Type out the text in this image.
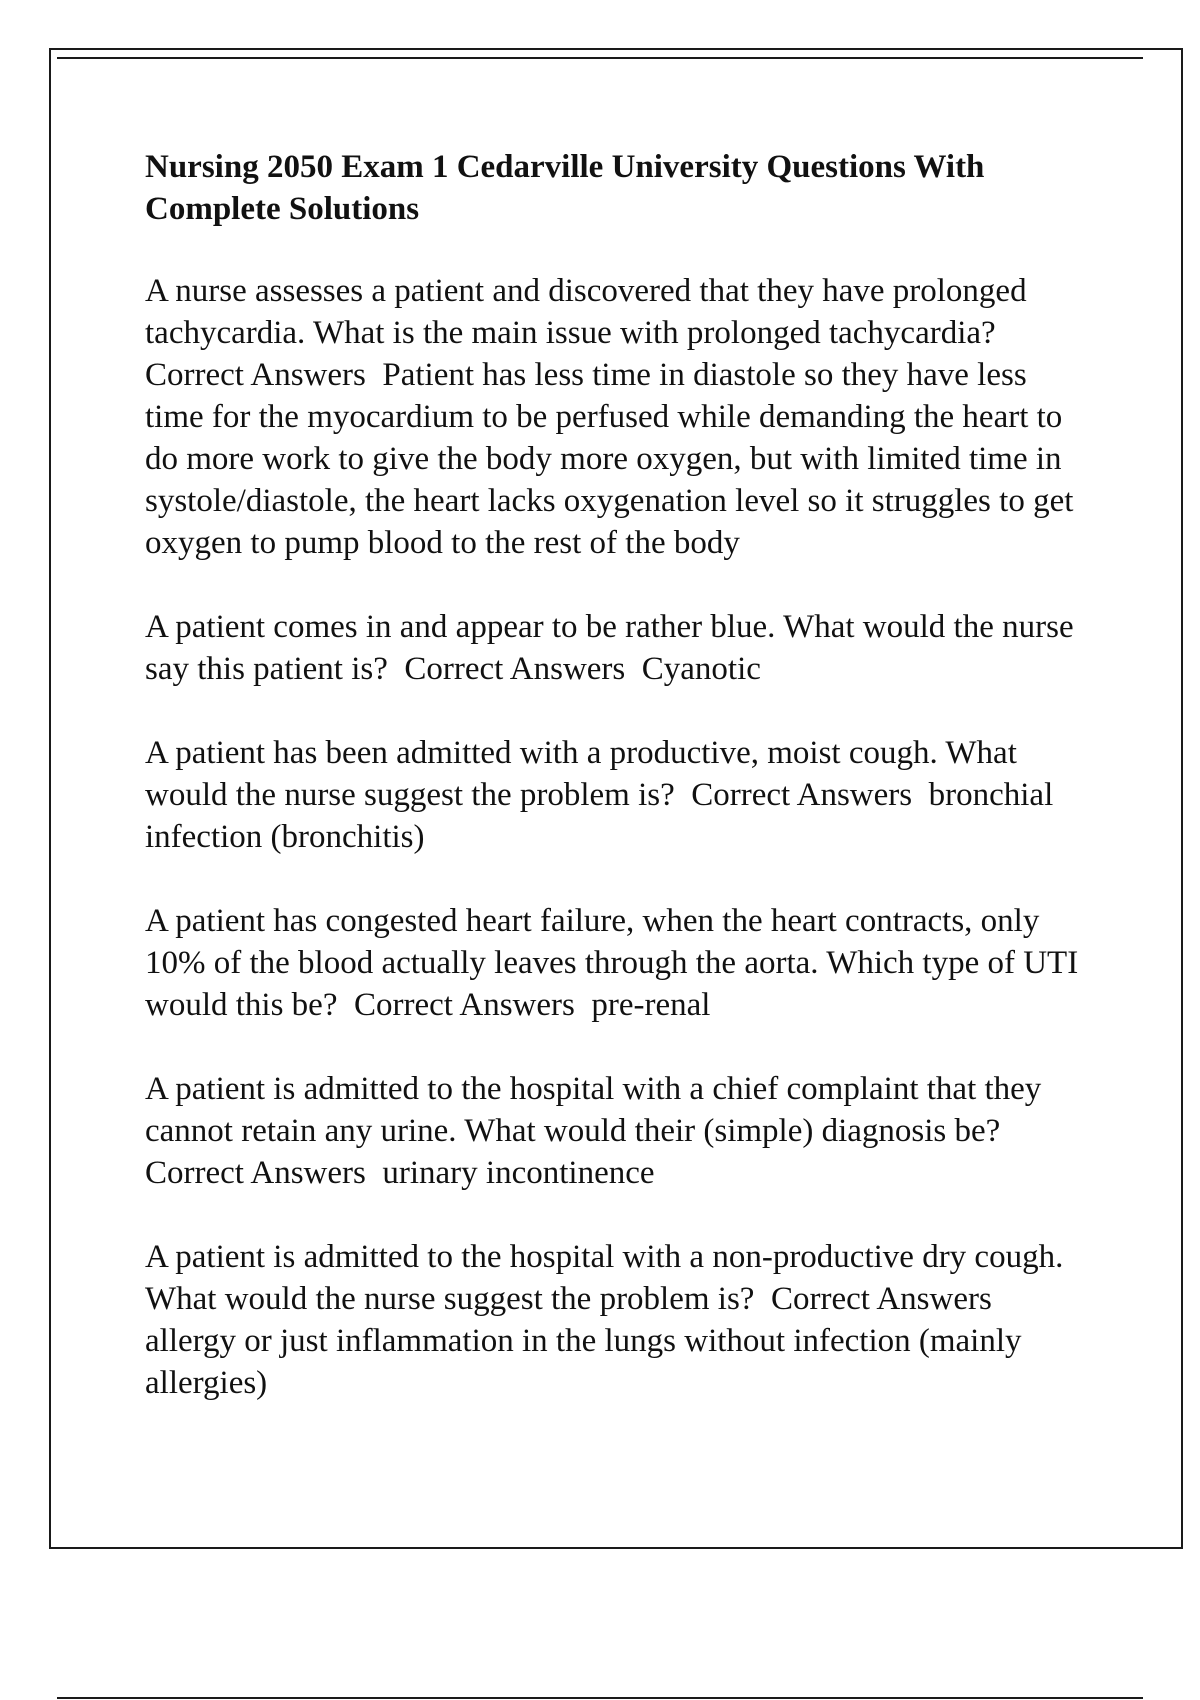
Nursing 2050 Exam 1 Cedarville University Questions With Complete Solutions

A nurse assesses a patient and discovered that they have prolonged tachycardia. What is the main issue with prolonged tachycardia?  Correct Answers Patient has less time in diastole so they have less time for the myocardium to be perfused while demanding the heart to do more work to give the body more oxygen, but with limited time in systole/diastole, the heart lacks oxygenation level so it struggles to get oxygen to pump blood to the rest of the body

A patient comes in and appear to be rather blue. What would the nurse say this patient is? Correct Answers Cyanotic

A patient has been admitted with a productive, moist cough. What would the nurse suggest the problem is? Correct Answers bronchial infection (bronchitis)

A patient has congested heart failure, when the heart contracts, only 10% of the blood actually leaves through the aorta. Which type of UTI would this be? Correct Answers pre-renal

A patient is admitted to the hospital with a chief complaint that they cannot retain any urine. What would their (simple) diagnosis be?  Correct Answers urinary incontinence

A patient is admitted to the hospital with a non-productive dry cough. What would the nurse suggest the problem is? Correct Answers  allergy or just inflammation in the lungs without infection (mainly allergies)
